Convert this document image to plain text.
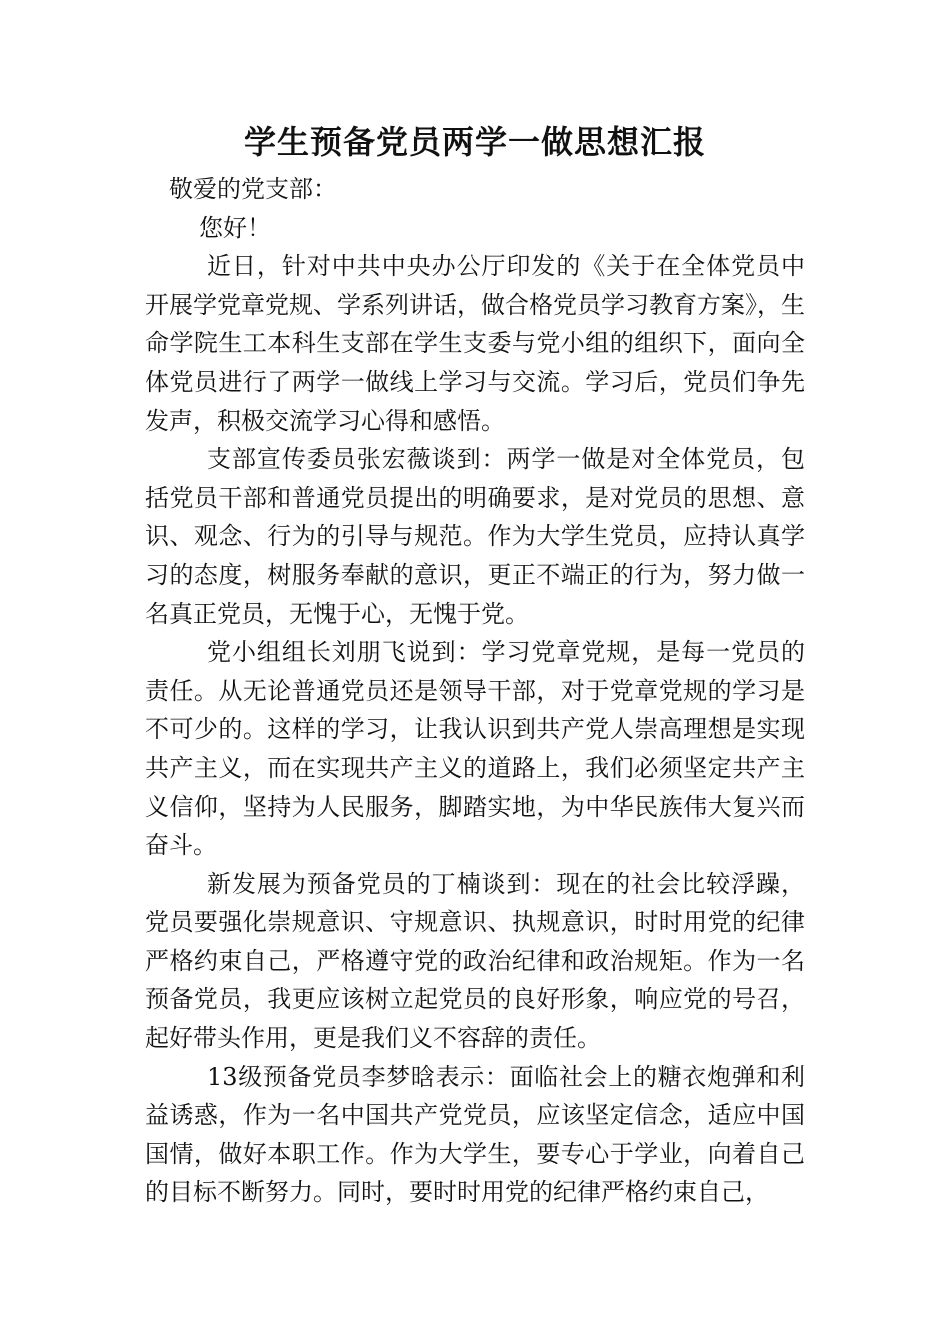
学生预备党员两学一做思想汇报

敬爱的党支部：

您好！

近日，针对中共中央办公厅印发的《关于在全体党员中开展学党章党规、学系列讲话，做合格党员学习教育方案》，生命学院生工本科生支部在学生支委与党小组的组织下，面向全体党员进行了两学一做线上学习与交流。学习后，党员们争先发声，积极交流学习心得和感悟。

支部宣传委员张宏薇谈到：两学一做是对全体党员，包括党员干部和普通党员提出的明确要求，是对党员的思想、意识、观念、行为的引导与规范。作为大学生党员，应持认真学习的态度，树服务奉献的意识，更正不端正的行为，努力做一名真正党员，无愧于心，无愧于党。

党小组组长刘朋飞说到：学习党章党规，是每一党员的责任。从无论普通党员还是领导干部，对于党章党规的学习是不可少的。这样的学习，让我认识到共产党人崇高理想是实现共产主义，而在实现共产主义的道路上，我们必须坚定共产主义信仰，坚持为人民服务，脚踏实地，为中华民族伟大复兴而奋斗。

新发展为预备党员的丁楠谈到：现在的社会比较浮躁，党员要强化崇规意识、守规意识、执规意识，时时用党的纪律严格约束自己，严格遵守党的政治纪律和政治规矩。作为一名预备党员，我更应该树立起党员的良好形象，响应党的号召，起好带头作用，更是我们义不容辞的责任。

13级预备党员李梦晗表示：面临社会上的糖衣炮弹和利益诱惑，作为一名中国共产党党员，应该坚定信念，适应中国国情，做好本职工作。作为大学生，要专心于学业，向着自己的目标不断努力。同时，要时时用党的纪律严格约束自己，
